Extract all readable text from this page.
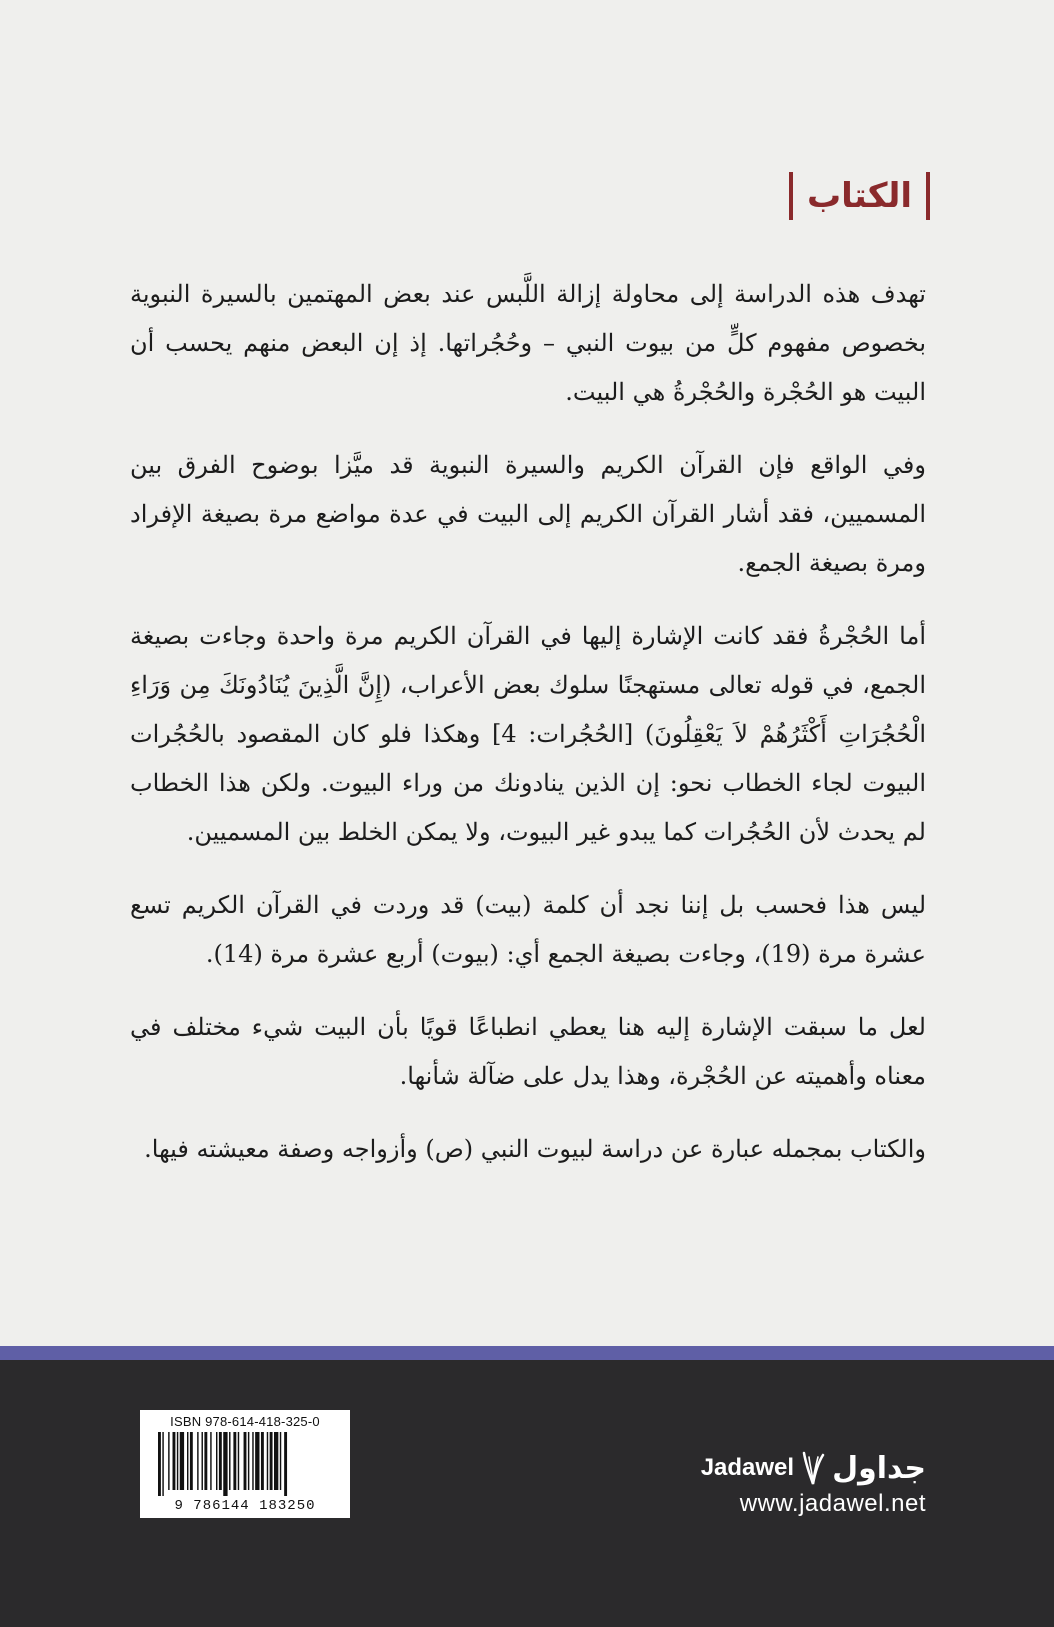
الكتاب

تهدف هذه الدراسة إلى محاولة إزالة اللَّبس عند بعض المهتمين بالسيرة النبوية بخصوص مفهوم كلٍّ من بيوت النبي – وحُجُراتها. إذ إن البعض منهم يحسب أن البيت هو الحُجْرة والحُجْرةُ هي البيت.

وفي الواقع فإن القرآن الكريم والسيرة النبوية قد ميَّزا بوضوح الفرق بين المسميين، فقد أشار القرآن الكريم إلى البيت في عدة مواضع مرة بصيغة الإفراد ومرة بصيغة الجمع.

أما الحُجْرةُ فقد كانت الإشارة إليها في القرآن الكريم مرة واحدة وجاءت بصيغة الجمع، في قوله تعالى مستهجنًا سلوك بعض الأعراب، (إِنَّ الَّذِينَ يُنَادُونَكَ مِن وَرَاءِ الْحُجُرَاتِ أَكْثَرُهُمْ لاَ يَعْقِلُونَ) [الحُجُرات: 4] وهكذا فلو كان المقصود بالحُجُرات البيوت لجاء الخطاب نحو: إن الذين ينادونك من وراء البيوت. ولكن هذا الخطاب لم يحدث لأن الحُجُرات كما يبدو غير البيوت، ولا يمكن الخلط بين المسميين.

ليس هذا فحسب بل إننا نجد أن كلمة (بيت) قد وردت في القرآن الكريم تسع عشرة مرة (19)، وجاءت بصيغة الجمع أي: (بيوت) أربع عشرة مرة (14).

لعل ما سبقت الإشارة إليه هنا يعطي انطباعًا قويًا بأن البيت شيء مختلف في معناه وأهميته عن الحُجْرة، وهذا يدل على ضآلة شأنها.

والكتاب بمجمله عبارة عن دراسة لبيوت النبي (ص) وأزواجه وصفة معيشته فيها.

ISBN 978-614-418-325-0
9 786144 183250
Jadawel جداول
www.jadawel.net
